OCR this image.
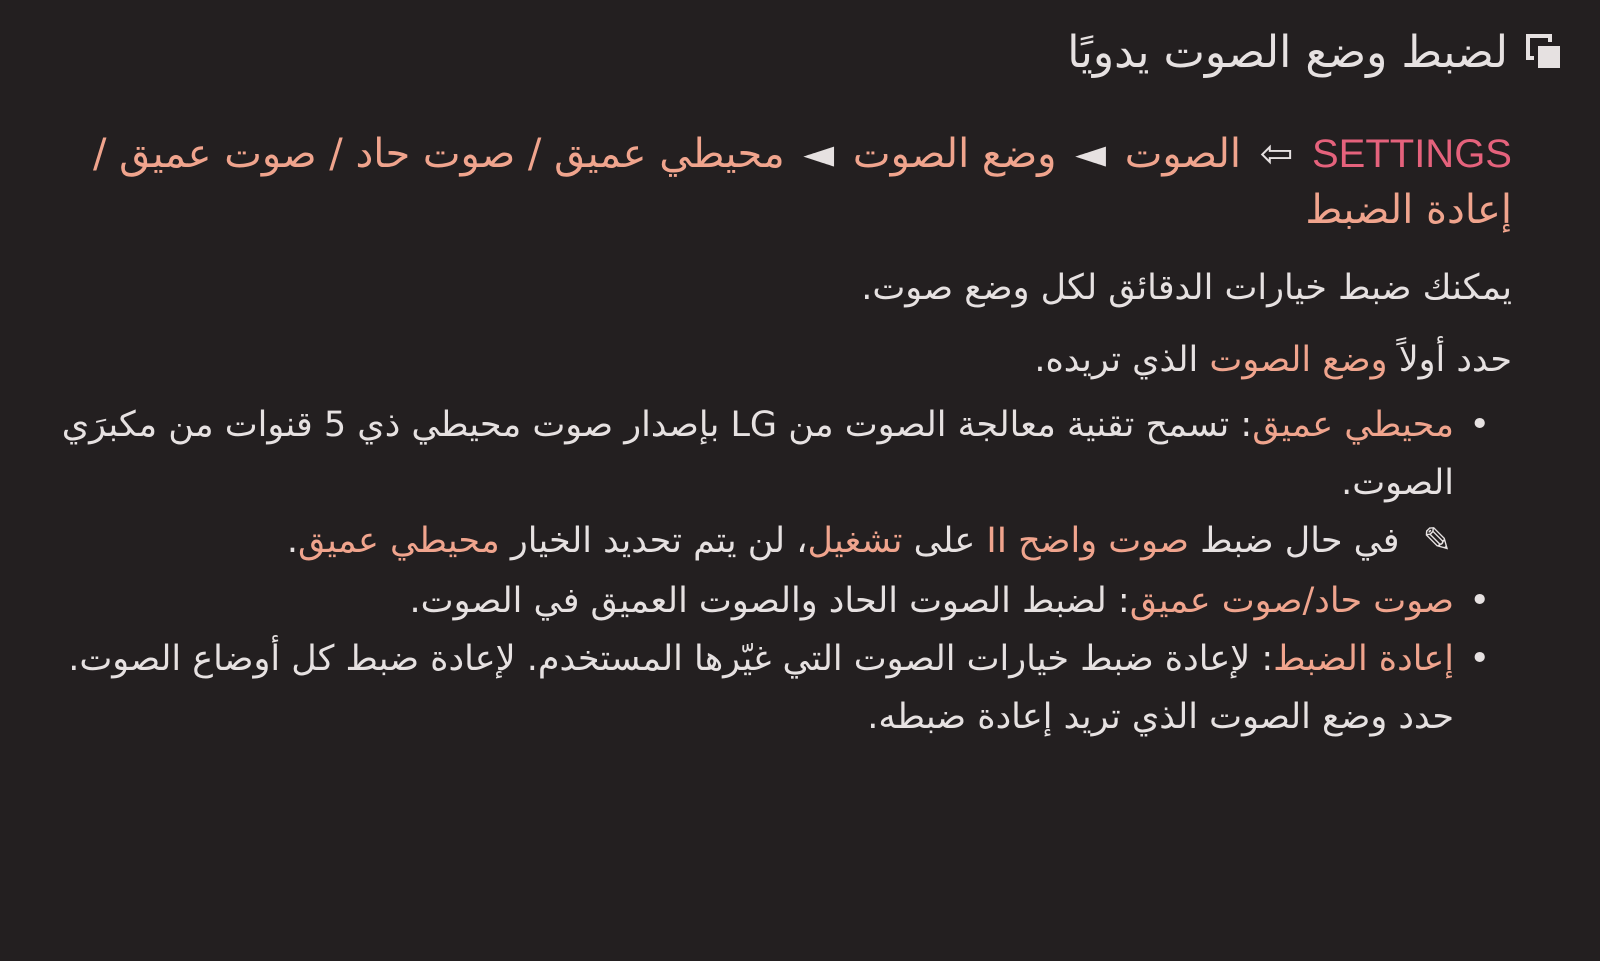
لضبط وضع الصوت يدويًا
SETTINGS ⇦ الصوت ◄ وضع الصوت ◄ محيطي عميق / صوت حاد / صوت عميق /
إعادة الضبط
يمكنك ضبط خيارات الدقائق لكل وضع صوت.
حدد أولاً وضع الصوت الذي تريده.
•
محيطي عميق: تسمح تقنية معالجة الصوت من LG بإصدار صوت محيطي ذي 5 قنوات من مكبرَي الصوت.
✎ في حال ضبط صوت واضح II على تشغيل، لن يتم تحديد الخيار محيطي عميق.
•
صوت حاد/صوت عميق: لضبط الصوت الحاد والصوت العميق في الصوت.
•
إعادة الضبط: لإعادة ضبط خيارات الصوت التي غيّرها المستخدم. لإعادة ضبط كل أوضاع الصوت. حدد وضع الصوت الذي تريد إعادة ضبطه.
